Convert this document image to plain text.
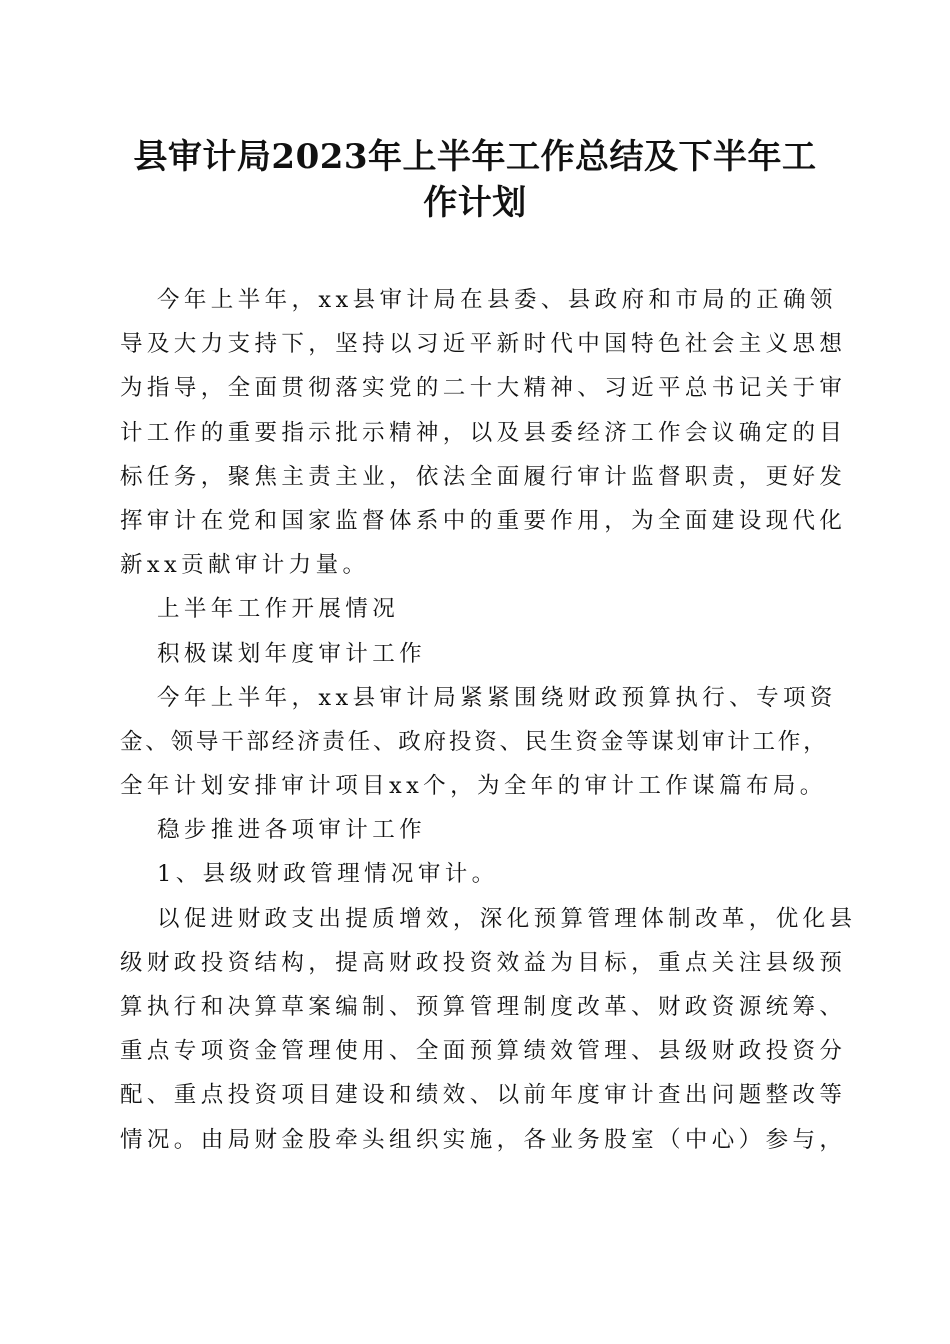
县审计局2023年上半年工作总结及下半年工
作计划
今年上半年，xx县审计局在县委、县政府和市局的正确领
导及大力支持下，坚持以习近平新时代中国特色社会主义思想
为指导，全面贯彻落实党的二十大精神、习近平总书记关于审
计工作的重要指示批示精神，以及县委经济工作会议确定的目
标任务，聚焦主责主业，依法全面履行审计监督职责，更好发
挥审计在党和国家监督体系中的重要作用，为全面建设现代化
新xx贡献审计力量。
上半年工作开展情况
积极谋划年度审计工作
今年上半年，xx县审计局紧紧围绕财政预算执行、专项资
金、领导干部经济责任、政府投资、民生资金等谋划审计工作，
全年计划安排审计项目xx个，为全年的审计工作谋篇布局。
稳步推进各项审计工作
1、县级财政管理情况审计。
以促进财政支出提质增效，深化预算管理体制改革，优化县
级财政投资结构，提高财政投资效益为目标，重点关注县级预
算执行和决算草案编制、预算管理制度改革、财政资源统筹、
重点专项资金管理使用、全面预算绩效管理、县级财政投资分
配、重点投资项目建设和绩效、以前年度审计查出问题整改等
情况。由局财金股牵头组织实施，各业务股室（中心）参与，
